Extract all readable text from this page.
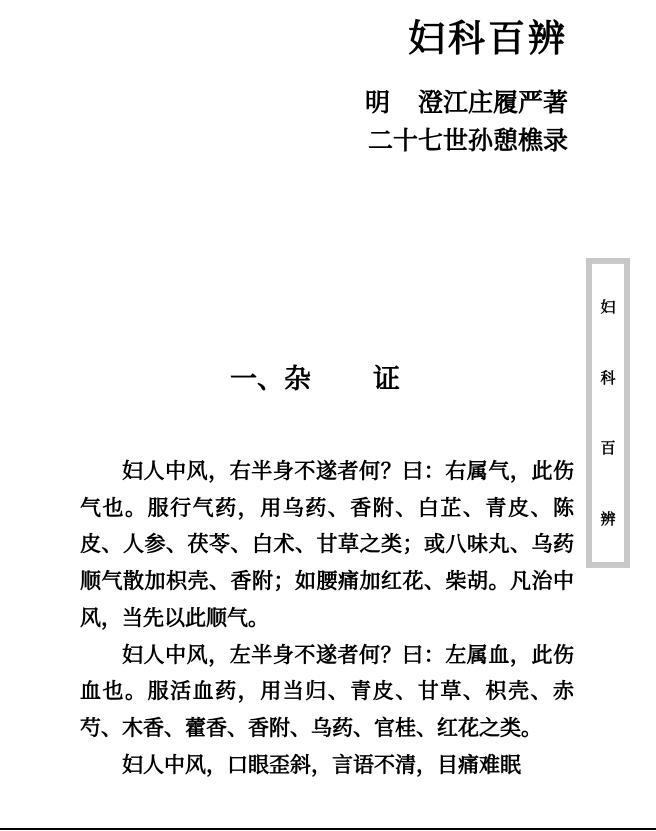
妇科百辨
明 澄江庄履严著
二十七世孙憩樵录
妇
科
百
辨
一、杂 证

妇人中风，右半身不遂者何？曰：右属气，此伤气也。服行气药，用乌药、香附、白芷、青皮、陈皮、人参、茯苓、白术、甘草之类；或八味丸、乌药顺气散加枳壳、香附；如腰痛加红花、柴胡。凡治中风，当先以此顺气。

妇人中风，左半身不遂者何？曰：左属血，此伤血也。服活血药，用当归、青皮、甘草、枳壳、赤芍、木香、藿香、香附、乌药、官桂、红花之类。

妇人中风，口眼歪斜，言语不清，目痛难眠
